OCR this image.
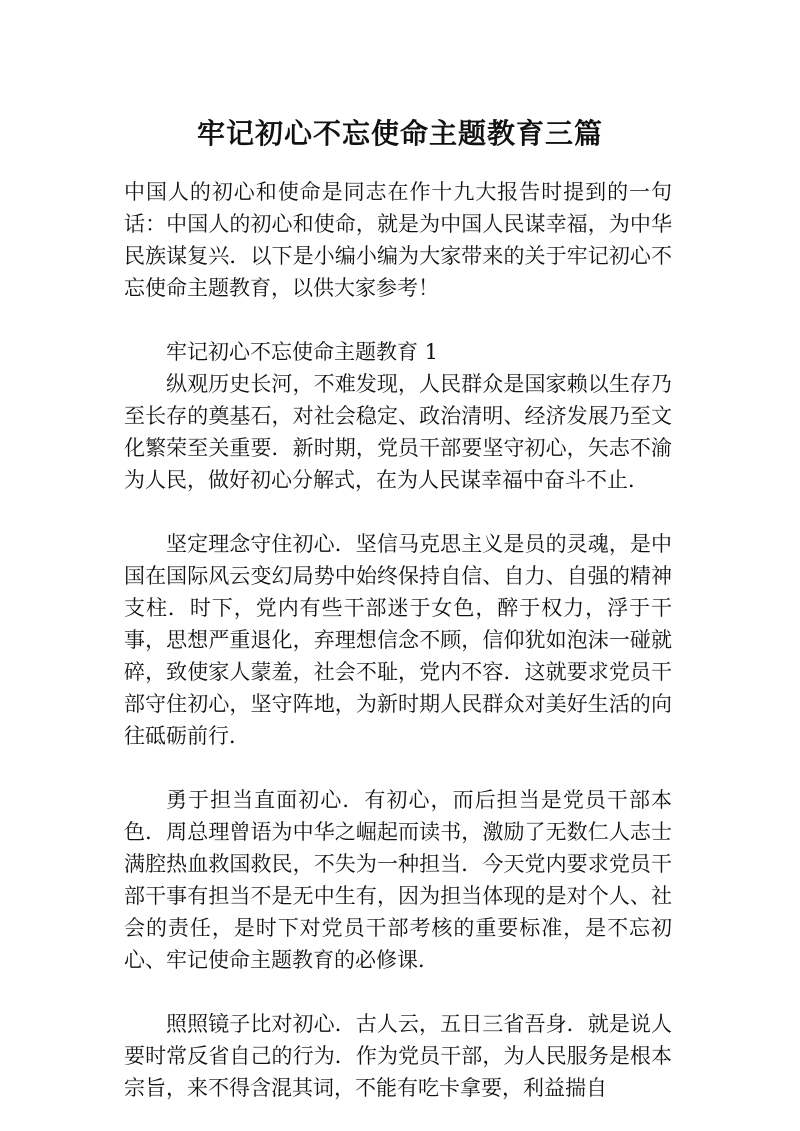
牢记初心不忘使命主题教育三篇

中国人的初心和使命是同志在作十九大报告时提到的一句话：中国人的初心和使命，就是为中国人民谋幸福，为中华民族谋复兴．以下是小编小编为大家带来的关于牢记初心不忘使命主题教育，以供大家参考！

牢记初心不忘使命主题教育 1

纵观历史长河，不难发现，人民群众是国家赖以生存乃至长存的奠基石，对社会稳定、政治清明、经济发展乃至文化繁荣至关重要．新时期，党员干部要坚守初心，矢志不渝为人民，做好初心分解式，在为人民谋幸福中奋斗不止．

坚定理念守住初心．坚信马克思主义是员的灵魂，是中国在国际风云变幻局势中始终保持自信、自力、自强的精神支柱．时下，党内有些干部迷于女色，醉于权力，浮于干事，思想严重退化，弃理想信念不顾，信仰犹如泡沫一碰就碎，致使家人蒙羞，社会不耻，党内不容．这就要求党员干部守住初心，坚守阵地，为新时期人民群众对美好生活的向往砥砺前行．

勇于担当直面初心．有初心，而后担当是党员干部本色．周总理曾语为中华之崛起而读书，激励了无数仁人志士满腔热血救国救民，不失为一种担当．今天党内要求党员干部干事有担当不是无中生有，因为担当体现的是对个人、社会的责任，是时下对党员干部考核的重要标准，是不忘初心、牢记使命主题教育的必修课．

照照镜子比对初心．古人云，五日三省吾身．就是说人要时常反省自己的行为．作为党员干部，为人民服务是根本宗旨，来不得含混其词，不能有吃卡拿要，利益揣自
